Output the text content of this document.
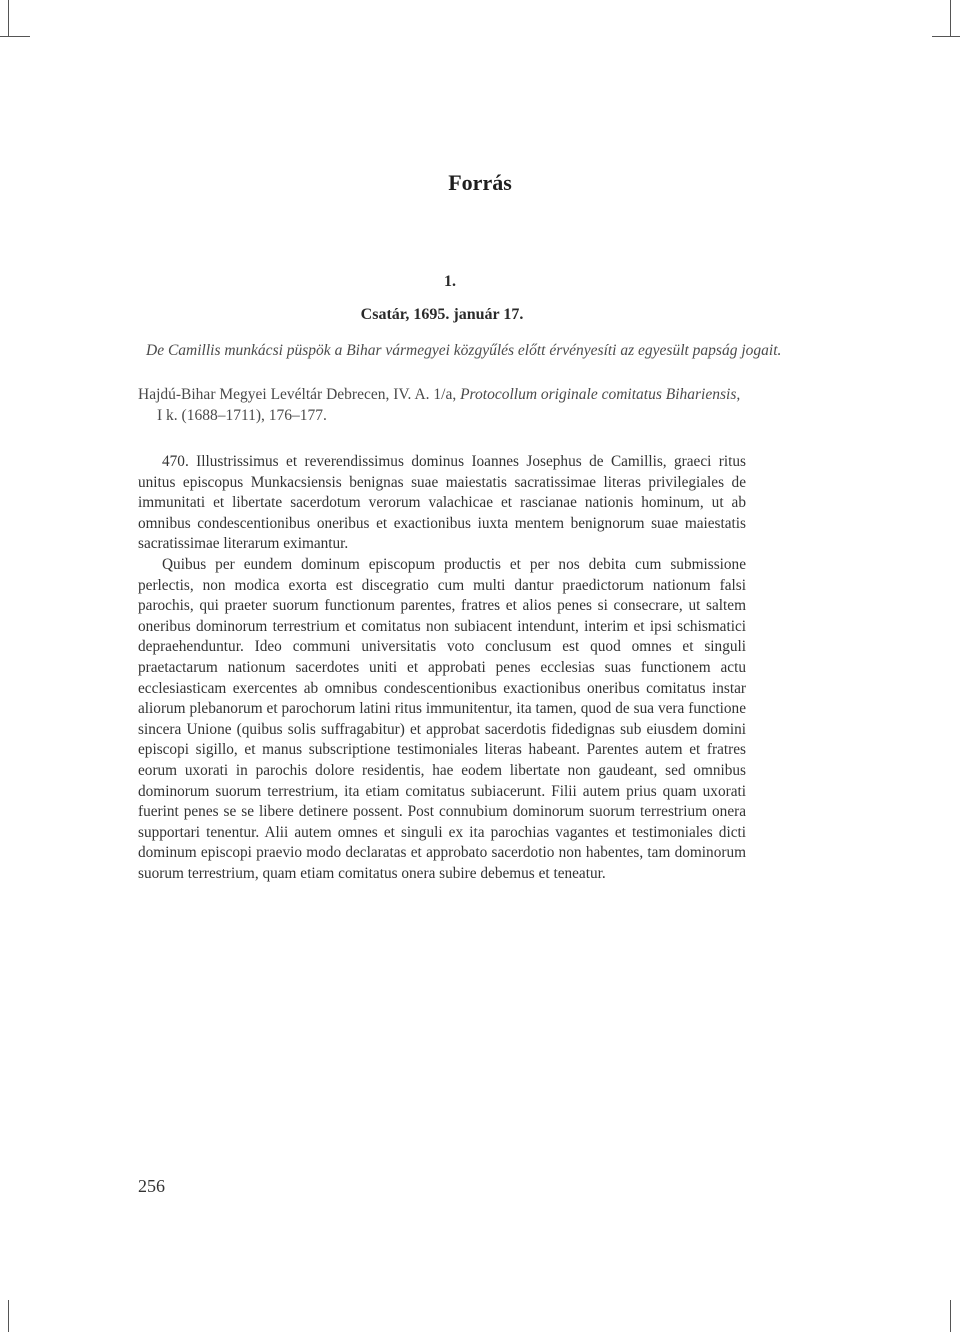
Forrás
1.
Csatár, 1695. január 17.
De Camillis munkácsi püspök a Bihar vármegyei közgyűlés előtt érvényesíti az egyesült papság jogait.
Hajdú-Bihar Megyei Levéltár Debrecen, IV. A. 1/a, Protocollum originale comitatus Bihariensis,
I k. (1688–1711), 176–177.

470. Illustrissimus et reverendissimus dominus Ioannes Josephus de Camillis, graeci ritus unitus episcopus Munkacsiensis benignas suae maiestatis sacratissimae literas privilegiales de immunitati et libertate sacerdotum verorum valachicae et rascianae nationis hominum, ut ab omnibus condescentionibus oneribus et exactionibus iuxta mentem benignorum suae maiestatis sacratissimae literarum eximantur.

Quibus per eundem dominum episcopum productis et per nos debita cum submissione perlectis, non modica exorta est discegratio cum multi dantur praedictorum nationum falsi parochis, qui praeter suorum functionum parentes, fratres et alios penes si consecrare, ut saltem oneribus dominorum terrestrium et comitatus non subiacent intendunt, interim et ipsi schismatici depraehenduntur. Ideo communi universitatis voto conclusum est quod omnes et singuli praetactarum nationum sacerdotes uniti et approbati penes ecclesias suas functionem actu ecclesiasticam exercentes ab omnibus condescentionibus exactionibus oneribus comitatus instar aliorum plebanorum et parochorum latini ritus immunitentur, ita tamen, quod de sua vera functione sincera Unione (quibus solis suffragabitur) et approbat sacerdotis fidedignas sub eiusdem domini episcopi sigillo, et manus subscriptione testimoniales literas habeant. Parentes autem et fratres eorum uxorati in parochis dolore residentis, hae eodem libertate non gaudeant, sed omnibus dominorum suorum terrestrium, ita etiam comitatus subiacerunt. Filii autem prius quam uxorati fuerint penes se se libere detinere possent. Post connubium dominorum suorum terrestrium onera supportari tenentur. Alii autem omnes et singuli ex ita parochias vagantes et testimoniales dicti dominum episcopi praevio modo declaratas et approbato sacerdotio non habentes, tam dominorum suorum terrestrium, quam etiam comitatus onera subire debemus et teneatur.

256
